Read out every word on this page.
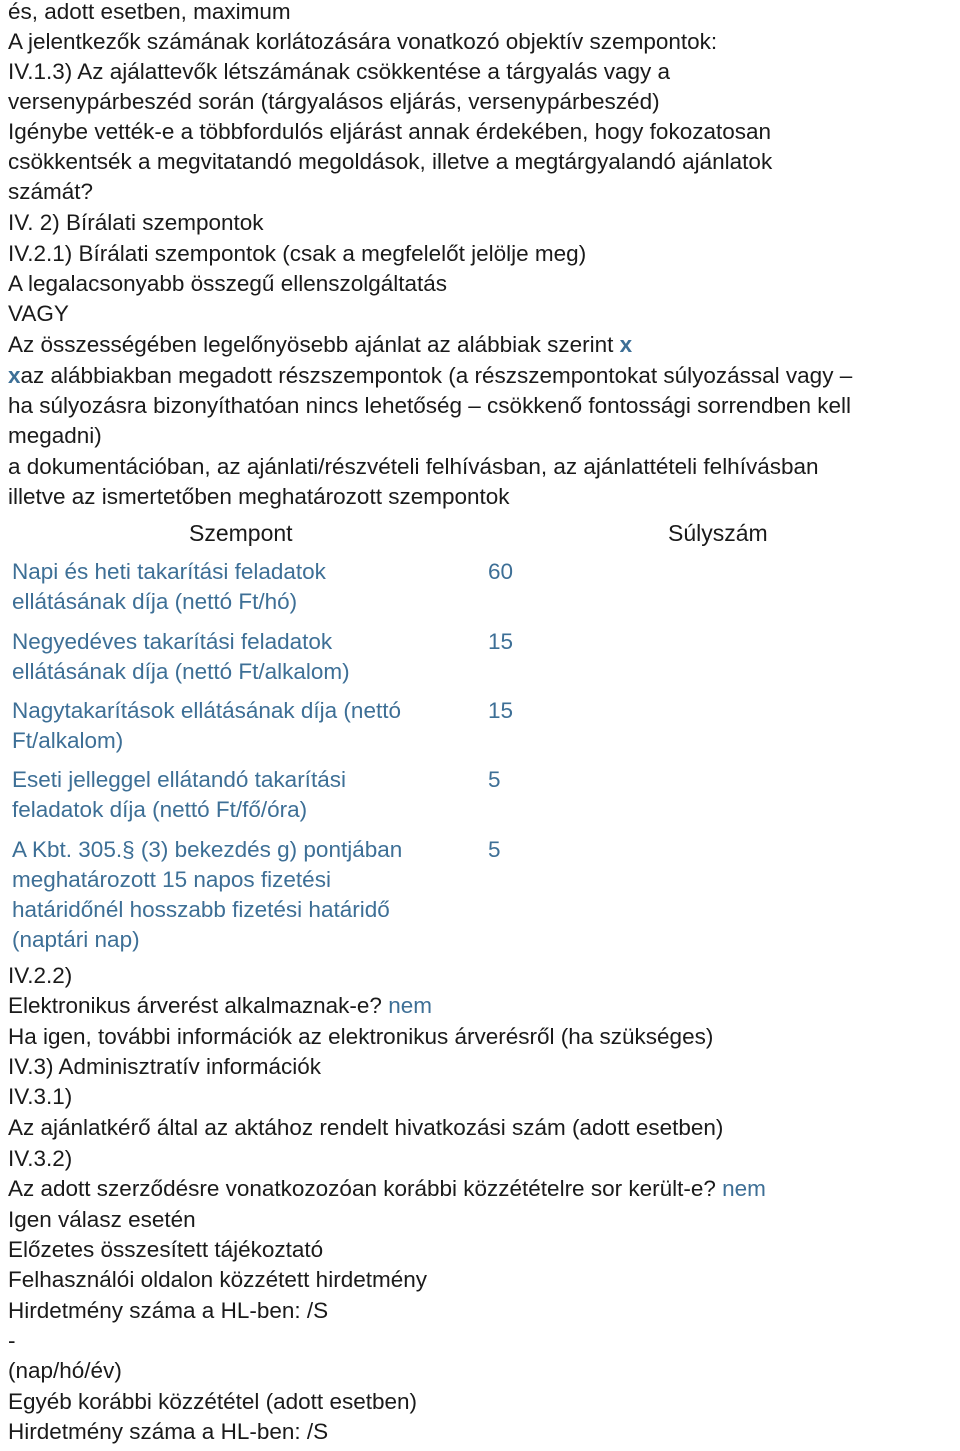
és, adott esetben, maximum
A jelentkezők számának korlátozására vonatkozó objektív szempontok:
IV.1.3) Az ajálattevők létszámának csökkentése a tárgyalás vagy a
versenypárbeszéd során (tárgyalásos eljárás, versenypárbeszéd)
Igénybe vették-e a többfordulós eljárást annak érdekében, hogy fokozatosan
csökkentsék a megvitatandó megoldások, illetve a megtárgyalandó ajánlatok
számát?
IV. 2) Bírálati szempontok
IV.2.1) Bírálati szempontok (csak a megfelelőt jelölje meg)
A legalacsonyabb összegű ellenszolgáltatás
VAGY
Az összességében legelőnyösebb ajánlat az alábbiak szerint x
xaz alábbiakban megadott részszempontok (a részszempontokat súlyozással vagy –
ha súlyozásra bizonyíthatóan nincs lehetőség – csökkenő fontossági sorrendben kell
megadni)
a dokumentációban, az ajánlati/részvételi felhívásban, az ajánlattételi felhívásban
illetve az ismertetőben meghatározott szempontok
Szempont	Súlyszám
Napi és heti takarítási feladatok
ellátásának díja (nettó Ft/hó)
60
Negyedéves takarítási feladatok
ellátásának díja (nettó Ft/alkalom)
15
Nagytakarítások ellátásának díja (nettó
Ft/alkalom)
15
Eseti jelleggel ellátandó takarítási
feladatok díja (nettó Ft/fő/óra)
5
A Kbt. 305.§ (3) bekezdés g) pontjában
meghatározott 15 napos fizetési
határidőnél hosszabb fizetési határidő
(naptári nap)
5
IV.2.2)
Elektronikus árverést alkalmaznak-e? nem
Ha igen, további információk az elektronikus árverésről (ha szükséges)
IV.3) Adminisztratív információk
IV.3.1)
Az ajánlatkérő által az aktához rendelt hivatkozási szám (adott esetben)
IV.3.2)
Az adott szerződésre vonatkozozóan korábbi közzétételre sor került-e? nem
Igen válasz esetén
Előzetes összesített tájékoztató
Felhasználói oldalon közzétett hirdetmény
Hirdetmény száma a HL-ben: /S
-
(nap/hó/év)
Egyéb korábbi közzététel (adott esetben)
Hirdetmény száma a HL-ben: /S
